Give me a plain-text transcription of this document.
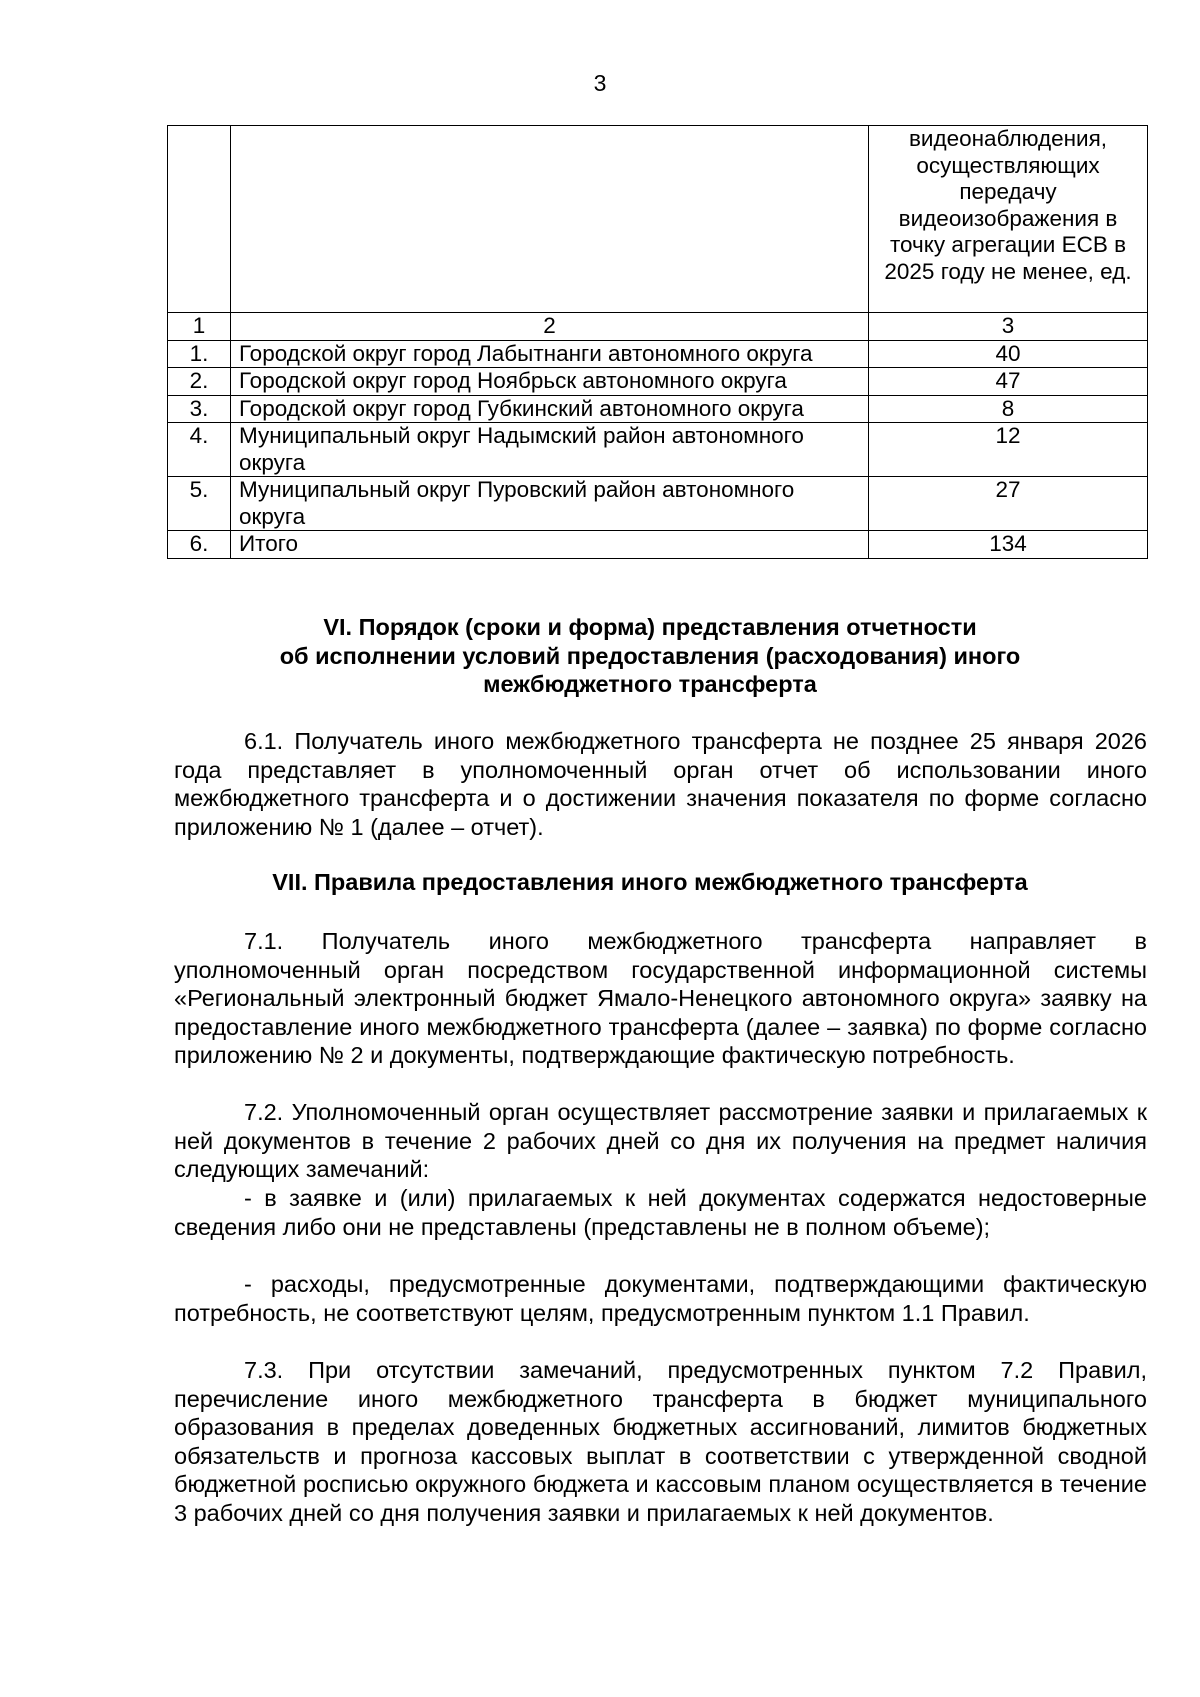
3
		видеонаблюдения, осуществляющих передачу видеоизображения в точку агрегации ЕСВ в 2025 году не менее, ед.
1	2	3
1.	Городской округ город Лабытнанги автономного округа	40
2.	Городской округ город Ноябрьск автономного округа	47
3.	Городской округ город Губкинский автономного округа	8
4.	Муниципальный округ Надымский район автономного округа	12
5.	Муниципальный округ Пуровский район автономного округа	27
6.	Итого	134
VI. Порядок (сроки и форма) представления отчетности
об исполнении условий предоставления (расходования) иного
межбюджетного трансферта

6.1. Получатель иного межбюджетного трансферта не позднее 25 января 2026 года представляет в уполномоченный орган отчет об использовании иного межбюджетного трансферта и о достижении значения показателя по форме согласно приложению № 1 (далее – отчет).

VII. Правила предоставления иного межбюджетного трансферта

7.1. Получатель иного межбюджетного трансферта направляет в уполномоченный орган посредством государственной информационной системы «Региональный электронный бюджет Ямало-Ненецкого автономного округа» заявку на предоставление иного межбюджетного трансферта (далее – заявка) по форме согласно приложению № 2 и документы, подтверждающие фактическую потребность.

7.2. Уполномоченный орган осуществляет рассмотрение заявки и прилагаемых к ней документов в течение 2 рабочих дней со дня их получения на предмет наличия следующих замечаний:

- в заявке и (или) прилагаемых к ней документах содержатся недостоверные сведения либо они не представлены (представлены не в полном объеме);

- расходы, предусмотренные документами, подтверждающими фактическую потребность, не соответствуют целям, предусмотренным пунктом 1.1 Правил.

7.3. При отсутствии замечаний, предусмотренных пунктом 7.2 Правил, перечисление иного межбюджетного трансферта в бюджет муниципального образования в пределах доведенных бюджетных ассигнований, лимитов бюджетных обязательств и прогноза кассовых выплат в соответствии с утвержденной сводной бюджетной росписью окружного бюджета и кассовым планом осуществляется в течение 3 рабочих дней со дня получения заявки и прилагаемых к ней документов.
